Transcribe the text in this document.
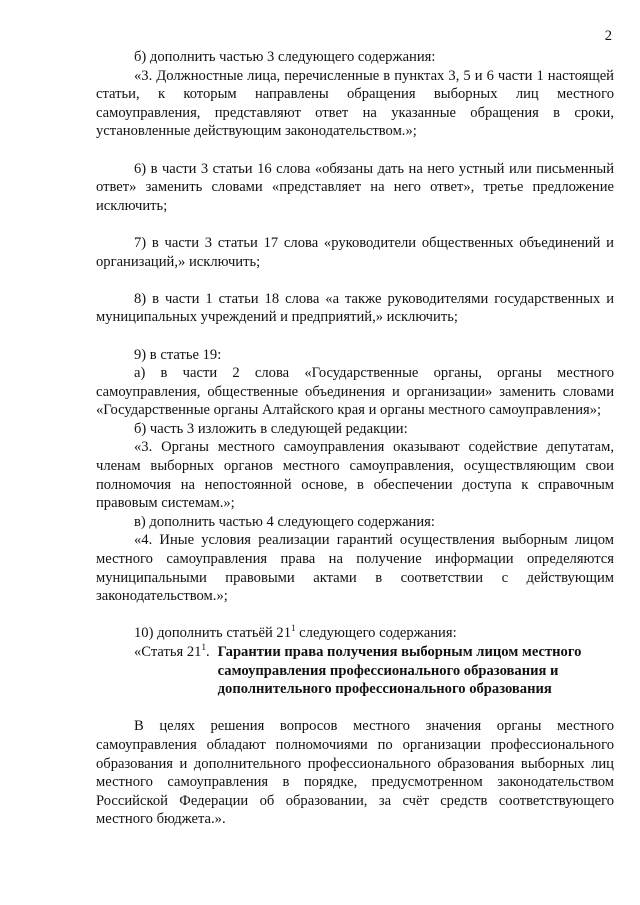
2

б) дополнить частью 3 следующего содержания:

«3. Должностные лица, перечисленные в пунктах 3, 5 и 6 части 1 настоящей статьи, к которым направлены обращения выборных лиц местного самоуправления, представляют ответ на указанные обращения в сроки, установленные действующим законодательством.»;

6) в части 3 статьи 16 слова «обязаны дать на него устный или письменный ответ» заменить словами «представляет на него ответ», третье предложение исключить;

7) в части 3 статьи 17 слова «руководители общественных объединений и организаций,» исключить;

8) в части 1 статьи 18 слова «а также руководителями государственных и муниципальных учреждений и предприятий,» исключить;

9) в статье 19:

а) в части 2 слова «Государственные органы, органы местного самоуправления, общественные объединения и организации» заменить словами «Государственные органы Алтайского края и органы местного самоуправления»;

б) часть 3 изложить в следующей редакции:

«3. Органы местного самоуправления оказывают содействие депутатам, членам выборных органов местного самоуправления, осуществляющим свои полномочия на непостоянной основе, в обеспечении доступа к справочным правовым системам.»;

в) дополнить частью 4 следующего содержания:

«4. Иные условия реализации гарантий осуществления выборным лицом местного самоуправления права на получение информации определяются муниципальными правовыми актами в соответствии с действующим законодательством.»;

10) дополнить статьёй $21^1$ следующего содержания:

«Статья $21^1$. Гарантии права получения выборным лицом местного
самоуправления профессионального образования и
дополнительного профессионального образования

В целях решения вопросов местного значения органы местного самоуправления обладают полномочиями по организации профессионального образования и дополнительного профессионального образования выборных лиц местного самоуправления в порядке, предусмотренном законодательством Российской Федерации об образовании, за счёт средств соответствующего местного бюджета.».
